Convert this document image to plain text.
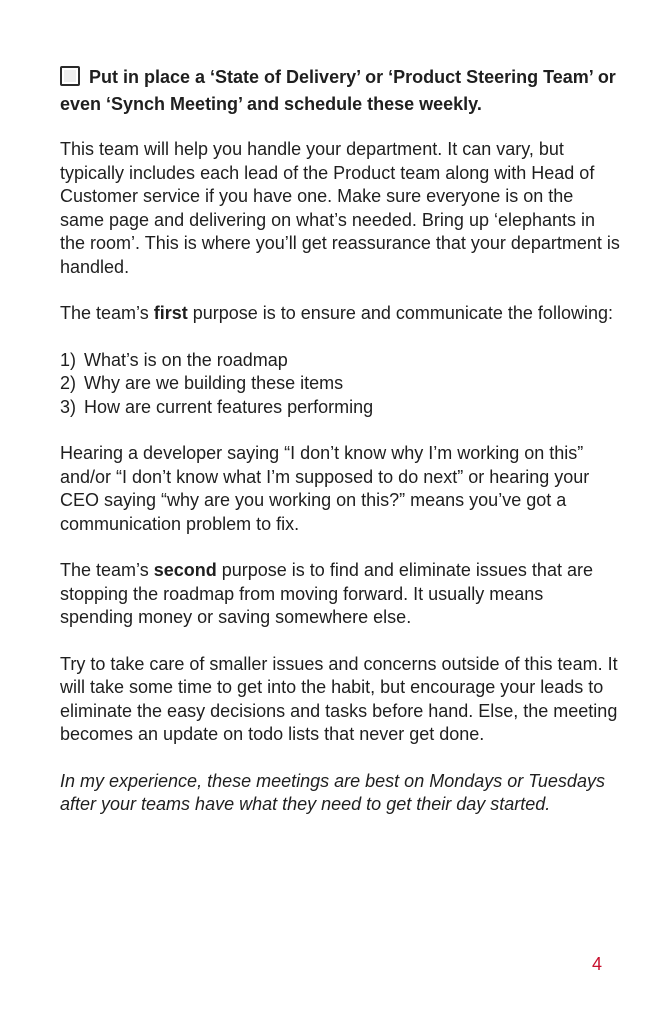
Put in place a ‘State of Delivery’ or ‘Product Steering Team’ or even ‘Synch Meeting’ and schedule these weekly.

This team will help you handle your department. It can vary, but typically includes each lead of the Product team along with Head of Customer service if you have one. Make sure everyone is on the same page and delivering on what’s needed. Bring up ‘elephants in the room’. This is where you’ll get reassurance that your department is handled.

The team’s first purpose is to ensure and communicate the following:

1) What’s is on the roadmap
2) Why are we building these items
3) How are current features performing

Hearing a developer saying “I don’t know why I’m working on this” and/or “I don’t know what I’m supposed to do next” or hearing your CEO saying “why are you working on this?” means you’ve got a communication problem to fix.

The team’s second purpose is to find and eliminate issues that are stopping the roadmap from moving forward. It usually means spending money or saving somewhere else.

Try to take care of smaller issues and concerns outside of this team. It will take some time to get into the habit, but encourage your leads to eliminate the easy decisions and tasks before hand. Else, the meeting becomes an update on todo lists that never get done.

In my experience, these meetings are best on Mondays or Tuesdays after your teams have what they need to get their day started.

4
